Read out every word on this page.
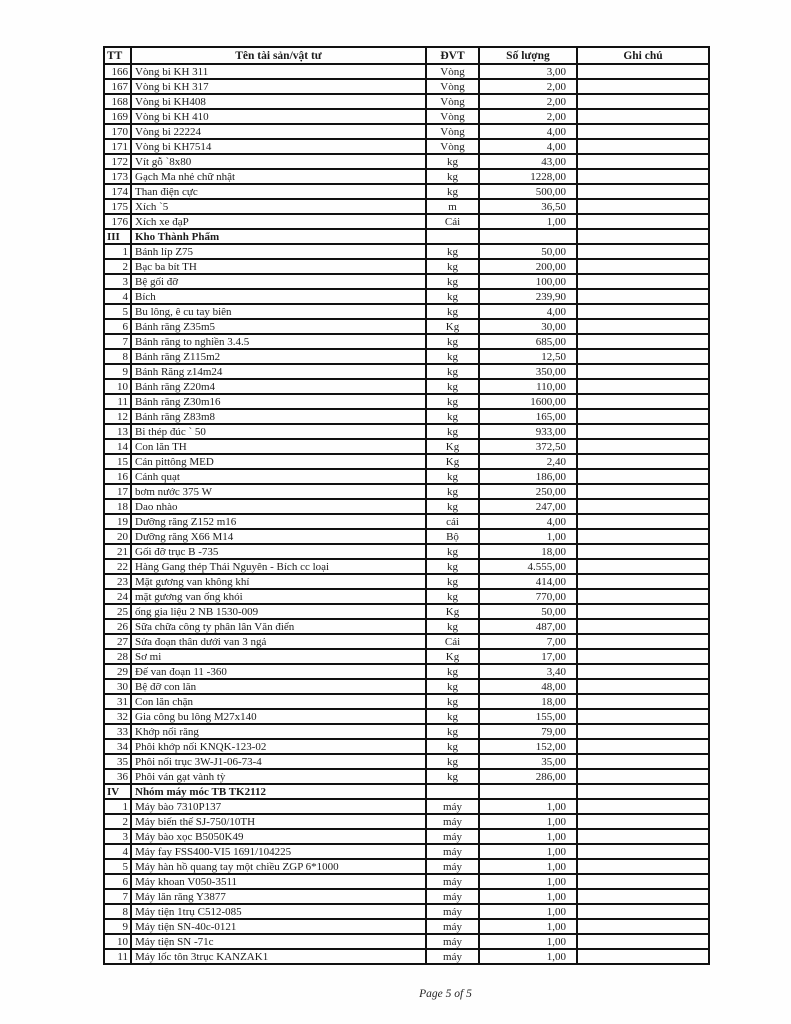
TT	Tên tài sản/vật tư	ĐVT	Số lượng	Ghi chú
166	Vòng bi KH 311	Vòng	3,00	
167	Vòng bi KH 317	Vòng	2,00	
168	Vòng bi KH408	Vòng	2,00	
169	Vòng bi KH 410	Vòng	2,00	
170	Vòng bi 22224	Vòng	4,00	
171	Vòng bi KH7514	Vòng	4,00	
172	Vít gỗ `8x80	kg	43,00	
173	Gạch Ma nhẻ chữ nhật	kg	1228,00	
174	Than điện cực	kg	500,00	
175	Xích `5	m	36,50	
176	Xích xe đạP	Cái	1,00	
III	Kho Thành Phẩm			
1	Bánh líp Z75	kg	50,00	
2	Bạc ba bít TH	kg	200,00	
3	Bệ gối đỡ	kg	100,00	
4	Bích	kg	239,90	
5	Bu lông, ê cu tay biên	kg	4,00	
6	Bánh răng Z35m5	Kg	30,00	
7	Bánh răng to nghiền 3.4.5	kg	685,00	
8	Bánh răng Z115m2	kg	12,50	
9	Bánh Răng z14m24	kg	350,00	
10	Bánh răng Z20m4	kg	110,00	
11	Bánh răng Z30m16	kg	1600,00	
12	Bánh răng Z83m8	kg	165,00	
13	Bi thép đúc ` 50	kg	933,00	
14	Con lăn TH	Kg	372,50	
15	Cán pittông MED	Kg	2,40	
16	Cánh quạt	kg	186,00	
17	bơm nước 375 W	kg	250,00	
18	Dao nhào	kg	247,00	
19	Dưỡng răng Z152 m16	cái	4,00	
20	Dưỡng răng X66 M14	Bộ	1,00	
21	Gối đỡ trục B -735	kg	18,00	
22	Hàng Gang thép Thái Nguyên - Bích cc loại	kg	4.555,00	
23	Mặt gương van không khí	kg	414,00	
24	mặt gương van ống khói	kg	770,00	
25	ống gia liệu 2 NB 1530-009	Kg	50,00	
26	Sữa chữa công ty phân lân Văn điển	kg	487,00	
27	Sửa đoạn thân dưới van 3 ngả	Cái	7,00	
28	Sơ mi	Kg	17,00	
29	Đế van đoạn 11 -360	kg	3,40	
30	Bệ đỡ con lăn	kg	48,00	
31	Con lăn chặn	kg	18,00	
32	Gia công bu lông M27x140	kg	155,00	
33	Khớp nối răng	kg	79,00	
34	Phôi khớp nối KNQK-123-02	kg	152,00	
35	Phôi nối trục 3W-J1-06-73-4	kg	35,00	
36	Phôi ván gạt vành tỳ	kg	286,00	
IV	Nhóm máy móc TB TK2112			
1	Máy bào 7310P137	máy	1,00	
2	Máy biến thế SJ-750/10TH	máy	1,00	
3	Máy bào xọc B5050K49	máy	1,00	
4	Máy fay FSS400-VI5 1691/104225	máy	1,00	
5	Máy hàn hồ quang tay một chiều ZGP 6*1000	máy	1,00	
6	Máy khoan V050-3511	máy	1,00	
7	Máy lăn răng Y3877	máy	1,00	
8	Máy tiện 1trụ C512-085	máy	1,00	
9	Máy tiện SN-40c-0121	máy	1,00	
10	Máy tiện SN -71c	máy	1,00	
11	Máy lốc tôn 3trục KANZAK1	máy	1,00	
Page 5 of 5
